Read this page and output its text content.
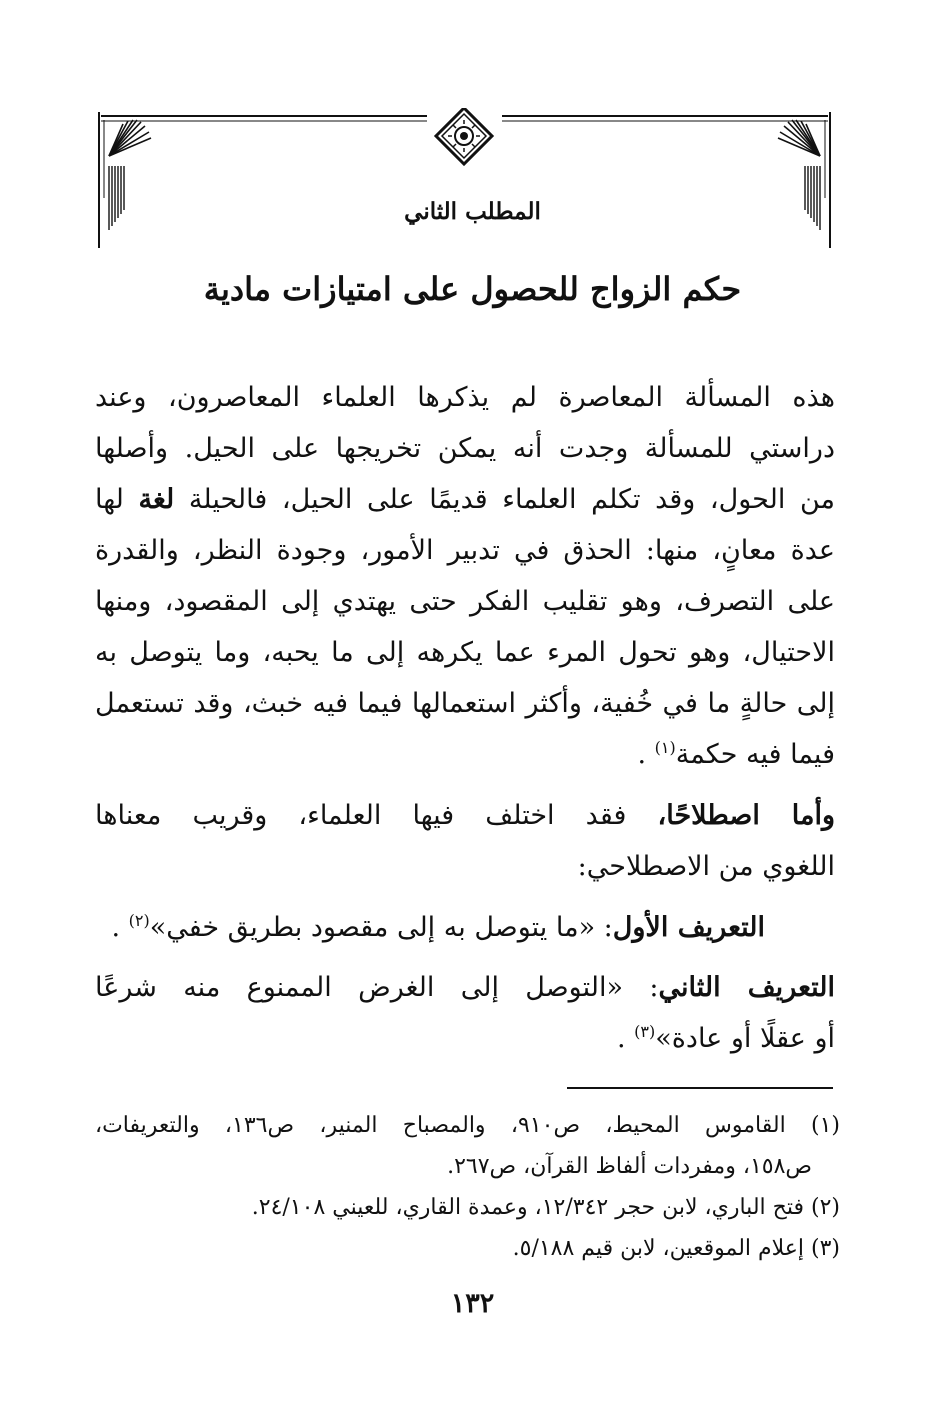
المطلب الثاني
حكم الزواج للحصول على امتيازات مادية
هذه المسألة المعاصرة لم يذكرها العلماء المعاصرون، وعند
دراستي للمسألة وجدت أنه يمكن تخريجها على الحيل. وأصلها
من الحول، وقد تكلم العلماء قديمًا على الحيل، فالحيلة لغة لها
عدة معانٍ، منها: الحذق في تدبير الأمور، وجودة النظر، والقدرة
على التصرف، وهو تقليب الفكر حتى يهتدي إلى المقصود، ومنها
الاحتيال، وهو تحول المرء عما يكرهه إلى ما يحبه، وما يتوصل به
إلى حالةٍ ما في خُفية، وأكثر استعمالها فيما فيه خبث، وقد تستعمل
فيما فيه حكمة$^{(١)}$ .
وأما اصطلاحًا، فقد اختلف فيها العلماء، وقريب معناها
اللغوي من الاصطلاحي:
التعريف الأول: «ما يتوصل به إلى مقصود بطريق خفي»$^{(٢)}$ .
التعريف الثاني: «التوصل إلى الغرض الممنوع منه شرعًا
أو عقلًا أو عادة»$^{(٣)}$ .
(١) القاموس المحيط، ص٩١٠، والمصباح المنير، ص١٣٦، والتعريفات،
ص١٥٨، ومفردات ألفاظ القرآن، ص٢٦٧.
(٢) فتح الباري، لابن حجر ١٢/٣٤٢، وعمدة القاري، للعيني ٢٤/١٠٨.
(٣) إعلام الموقعين، لابن قيم ٥/١٨٨.
١٣٢
